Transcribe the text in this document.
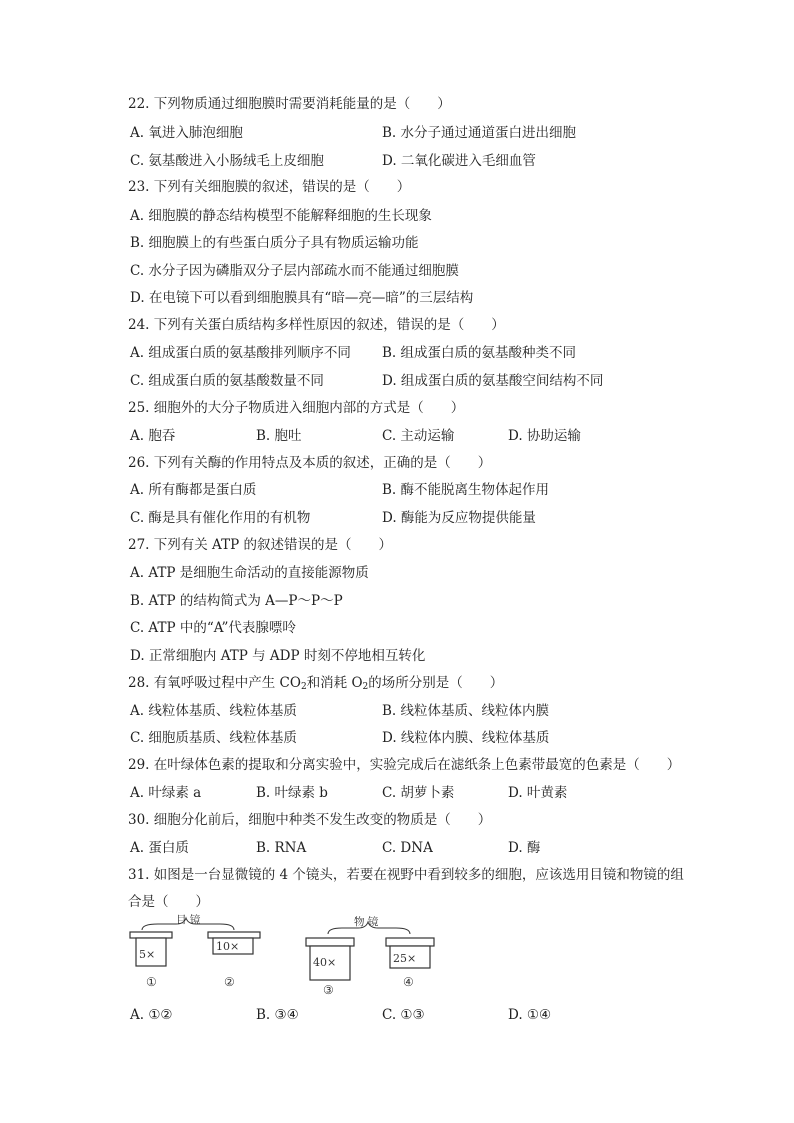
22. 下列物质通过细胞膜时需要消耗能量的是（　　）
A. 氧进入肺泡细胞	B. 水分子通过通道蛋白进出细胞
C. 氨基酸进入小肠绒毛上皮细胞	D. 二氧化碳进入毛细血管
23. 下列有关细胞膜的叙述，错误的是（　　）
A. 细胞膜的静态结构模型不能解释细胞的生长现象
B. 细胞膜上的有些蛋白质分子具有物质运输功能
C. 水分子因为磷脂双分子层内部疏水而不能通过细胞膜
D. 在电镜下可以看到细胞膜具有“暗—亮—暗”的三层结构
24. 下列有关蛋白质结构多样性原因的叙述，错误的是（　　）
A. 组成蛋白质的氨基酸排列顺序不同 B. 组成蛋白质的氨基酸种类不同
C. 组成蛋白质的氨基酸数量不同	D. 组成蛋白质的氨基酸空间结构不同
25. 细胞外的大分子物质进入细胞内部的方式是（　　）
A. 胞吞	B. 胞吐	C. 主动运输	D. 协助运输
26. 下列有关酶的作用特点及本质的叙述，正确的是（　　）
A. 所有酶都是蛋白质	B. 酶不能脱离生物体起作用
C. 酶是具有催化作用的有机物	D. 酶能为反应物提供能量
27. 下列有关 ATP 的叙述错误的是（　　）
A. ATP 是细胞生命活动的直接能源物质
B. ATP 的结构简式为 A—P～P～P
C. ATP 中的“A”代表腺嘌呤
D. 正常细胞内 ATP 与 ADP 时刻不停地相互转化
28. 有氧呼吸过程中产生 $CO_2$和消耗 $O_2$的场所分别是（　　）
A. 线粒体基质、线粒体基质	B. 线粒体基质、线粒体内膜
C. 细胞质基质、线粒体基质	D. 线粒体内膜、线粒体基质
29. 在叶绿体色素的提取和分离实验中，实验完成后在滤纸条上色素带最宽的色素是（　　）
A. 叶绿素 a	B. 叶绿素 b	C. 胡萝卜素	D. 叶黄素
30. 细胞分化前后，细胞中种类不发生改变的物质是（　　）
A. 蛋白质	B. RNA	C. DNA	D. 酶
31. 如图是一台显微镜的 4 个镜头，若要在视野中看到较多的细胞，应该选用目镜和物镜的组
合是（　　）
目 镜
5×
①
10×
②
物 镜
40×
③
25×
④
A. ①②	B. ③④	C. ①③	D. ①④
